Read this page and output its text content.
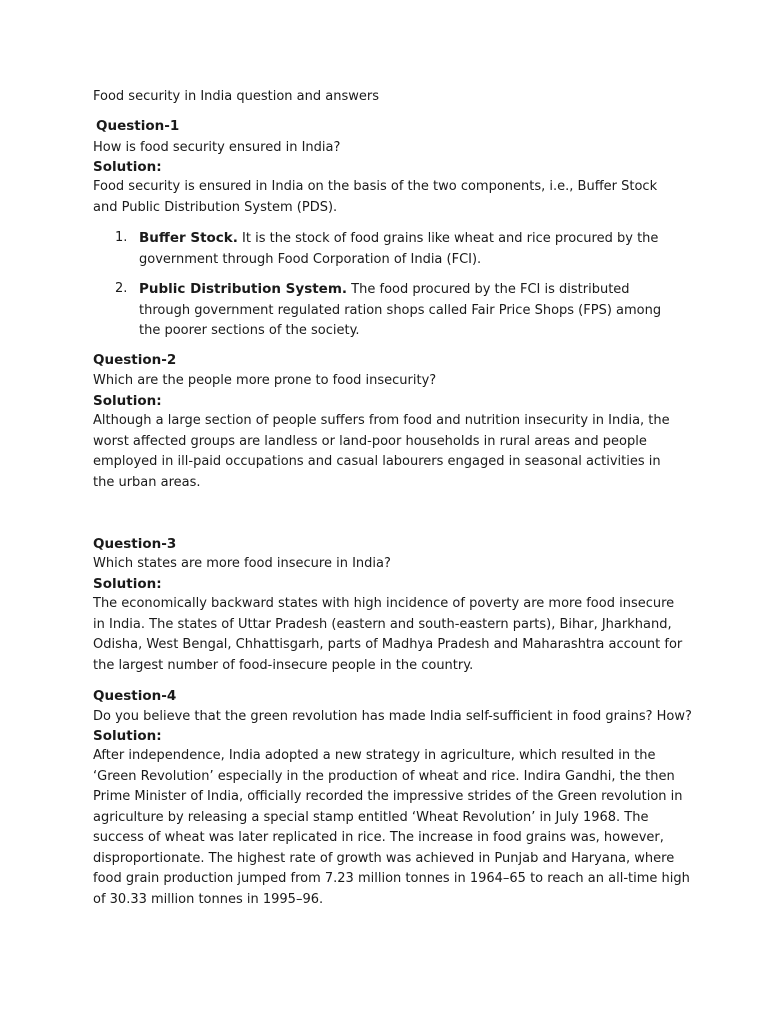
Food security in India question and answers

Question-1

How is food security ensured in India?

Solution:

Food security is ensured in India on the basis of the two components, i.e., Buffer Stock and Public Distribution System (PDS).

1. Buffer Stock. It is the stock of food grains like wheat and rice procured by the government through Food Corporation of India (FCI).
2. Public Distribution System. The food procured by the FCI is distributed through government regulated ration shops called Fair Price Shops (FPS) among the poorer sections of the society.

Question-2

Which are the people more prone to food insecurity?

Solution:

Although a large section of people suffers from food and nutrition insecurity in India, the worst affected groups are landless or land-poor households in rural areas and people employed in ill-paid occupations and casual labourers engaged in seasonal activities in the urban areas.

Question-3

Which states are more food insecure in India?

Solution:

The economically backward states with high incidence of poverty are more food insecure in India. The states of Uttar Pradesh (eastern and south-eastern parts), Bihar, Jharkhand, Odisha, West Bengal, Chhattisgarh, parts of Madhya Pradesh and Maharashtra account for the largest number of food-insecure people in the country.

Question-4

Do you believe that the green revolution has made India self-sufficient in food grains? How?

Solution:

After independence, India adopted a new strategy in agriculture, which resulted in the ‘Green Revolution’ especially in the production of wheat and rice. Indira Gandhi, the then Prime Minister of India, officially recorded the impressive strides of the Green revolution in agriculture by releasing a special stamp entitled ‘Wheat Revolution’ in July 1968. The success of wheat was later replicated in rice. The increase in food grains was, however, disproportionate. The highest rate of growth was achieved in Punjab and Haryana, where food grain production jumped from 7.23 million tonnes in 1964–65 to reach an all-time high of 30.33 million tonnes in 1995–96.
